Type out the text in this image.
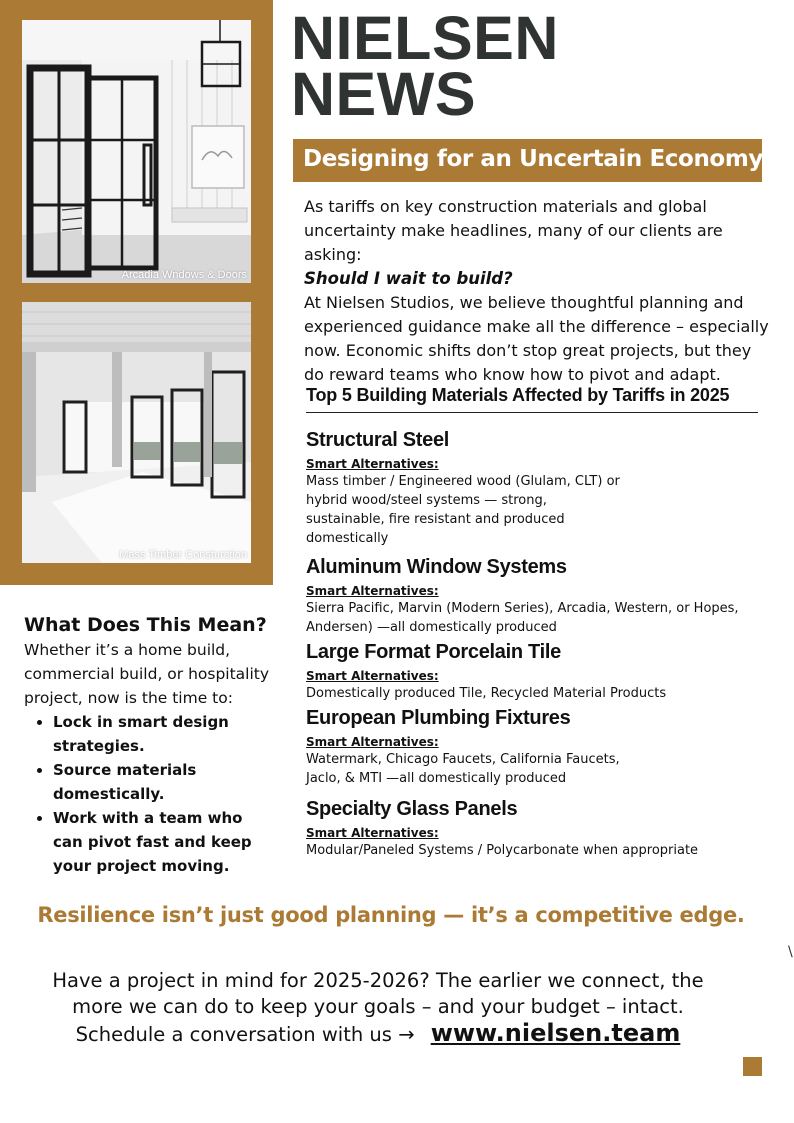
Arcadia Wndows & Doors
Mass Timber Consturction
NIELSEN
NEWS
Designing for an Uncertain Economy

As tariffs on key construction materials and global uncertainty make headlines, many of our clients are asking:

Should I wait to build?

At Nielsen Studios, we believe thoughtful planning and experienced guidance make all the difference – especially now. Economic shifts don’t stop great projects, but they do reward teams who know how to pivot and adapt.

Top 5 Building Materials Affected by Tariffs in 2025
Structural Steel
Smart Alternatives:
Mass timber / Engineered wood (Glulam, CLT) or
hybrid wood/steel systems — strong,
sustainable, fire resistant and produced
domestically
Aluminum Window Systems
Smart Alternatives:
Sierra Pacific, Marvin (Modern Series), Arcadia, Western, or Hopes,
Andersen) —all domestically produced
Large Format Porcelain Tile
Smart Alternatives:
Domestically produced Tile, Recycled Material Products
European Plumbing Fixtures
Smart Alternatives:
Watermark, Chicago Faucets, California Faucets,
Jaclo, & MTI —all domestically produced
Specialty Glass Panels
Smart Alternatives:
Modular/Paneled Systems / Polycarbonate when appropriate
What Does This Mean?

Whether it’s a home build, commercial build, or hospitality project, now is the time to:

• Lock in smart design strategies.
• Source materials domestically.
• Work with a team who can pivot fast and keep your project moving.
Resilience isn’t just good planning — it’s a competitive edge.
Have a project in mind for 2025-2026? The earlier we connect, the
more we can do to keep your goals – and your budget – intact.
Schedule a conversation with us → www.nielsen.team
\
